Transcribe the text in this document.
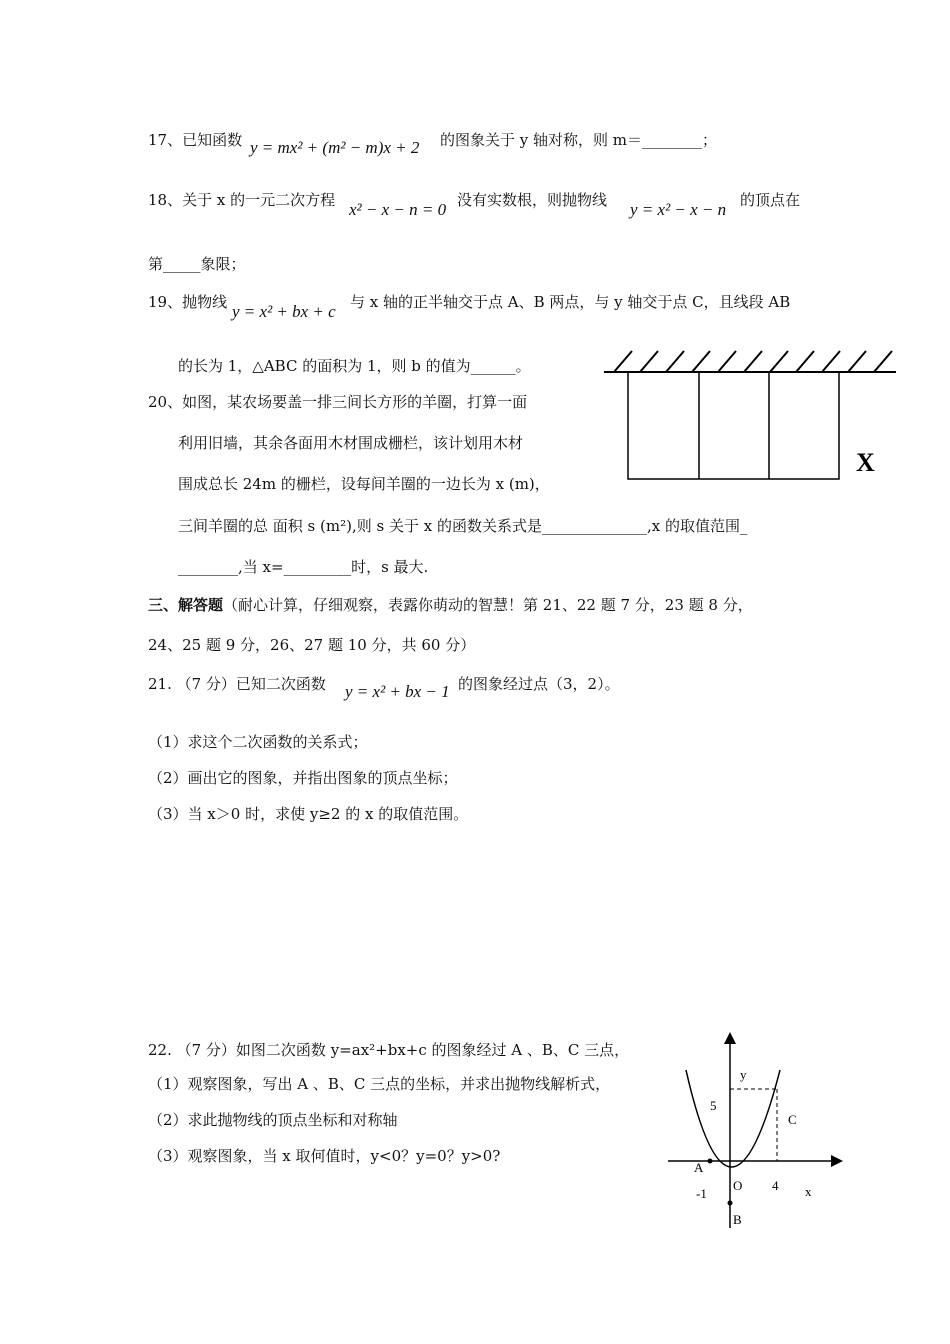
17、已知函数 y = mx² + (m² − m)x + 2 的图象关于 y 轴对称，则 m＝________；
18、关于 x 的一元二次方程 x² − x − n = 0 没有实数根，则抛物线 y = x² − x − n 的顶点在
第_____象限；
19、抛物线 y = x² + bx + c 与 x 轴的正半轴交于点 A、B 两点，与 y 轴交于点 C，且线段 AB
的长为 1，△ABC 的面积为 1，则 b 的值为______。
X
20、如图，某农场要盖一排三间长方形的羊圈，打算一面
利用旧墙，其余各面用木材围成栅栏，该计划用木材
围成总长 24m 的栅栏，设每间羊圈的一边长为 x (m)，
三间羊圈的总 面积 s (m²),则 s 关于 x 的函数关系式是______________,x 的取值范围_
________,当 x=_________时，s 最大.
三、解答题（耐心计算，仔细观察，表露你萌动的智慧！第 21、22 题 7 分，23 题 8 分，
24、25 题 9 分，26、27 题 10 分，共 60 分）
21. （7 分）已知二次函数 y = x² + bx − 1 的图象经过点（3，2）。
（1）求这个二次函数的关系式；
（2）画出它的图象，并指出图象的顶点坐标；
（3）当 x＞0 时，求使 y≥2 的 x 的取值范围。
22. （7 分）如图二次函数 y=ax²+bx+c 的图象经过 A 、B、C 三点，
（1）观察图象，写出 A 、B、C 三点的坐标，并求出抛物线解析式，
（2）求此抛物线的顶点坐标和对称轴
（3）观察图象，当 x 取何值时，y<0？y=0？y>0?
y
x
5
4
-1
O
A
B
C
